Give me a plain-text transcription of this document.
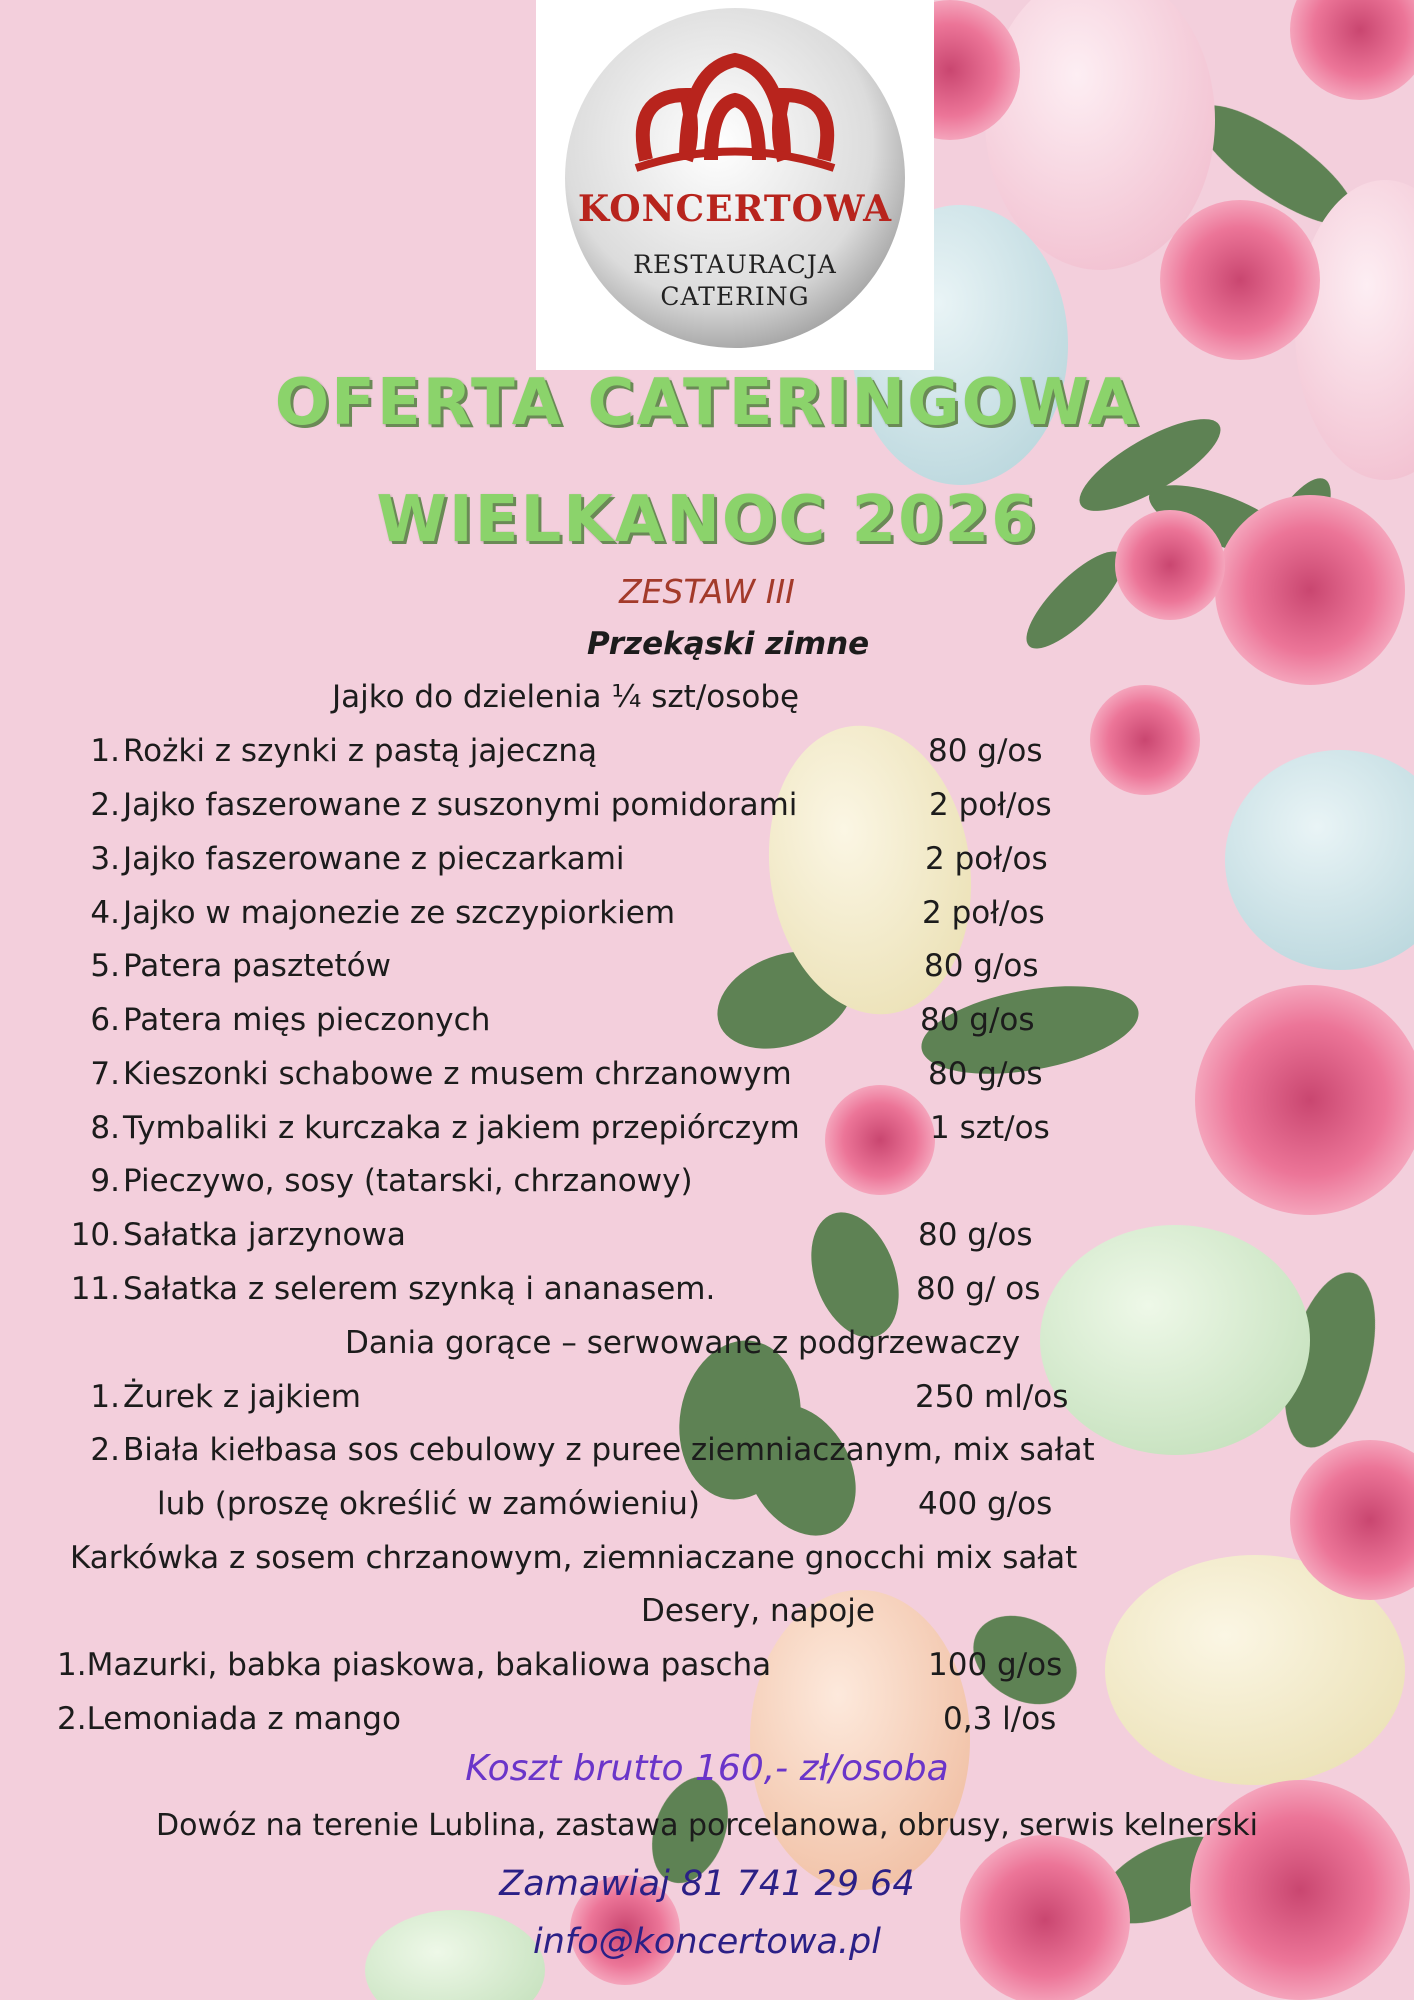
KONCERTOWA
RESTAURACJA
CATERING
OFERTA CATERINGOWA
WIELKANOC 2026
ZESTAW III
Przekąski zimne
Jajko do dzielenia ¼ szt/osobę
1. Rożki z szynki z pastą jajeczną	80 g/os
2. Jajko faszerowane z suszonymi pomidorami	2 poł/os
3. Jajko faszerowane z pieczarkami	2 poł/os
4. Jajko w majonezie ze szczypiorkiem	2 poł/os
5. Patera pasztetów	80 g/os
6. Patera mięs pieczonych	80 g/os
7. Kieszonki schabowe z musem chrzanowym	80 g/os
8. Tymbaliki z kurczaka z jakiem przepiórczym	1 szt/os
9. Pieczywo, sosy (tatarski, chrzanowy)
10. Sałatka jarzynowa	80 g/os
11. Sałatka z selerem szynką i ananasem.	80 g/ os
Dania gorące – serwowane z podgrzewaczy
1. Żurek z jajkiem	250 ml/os
2. Biała kiełbasa sos cebulowy z puree ziemniaczanym, mix sałat
lub (proszę określić w zamówieniu)	400 g/os
Karkówka z sosem chrzanowym, ziemniaczane gnocchi mix sałat
Desery, napoje
1.Mazurki, babka piaskowa, bakaliowa pascha	100 g/os
2.Lemoniada z mango	0,3 l/os
Koszt brutto 160,- zł/osoba
Dowóz na terenie Lublina, zastawa porcelanowa, obrusy, serwis kelnerski
Zamawiaj 81 741 29 64
info@koncertowa.pl
